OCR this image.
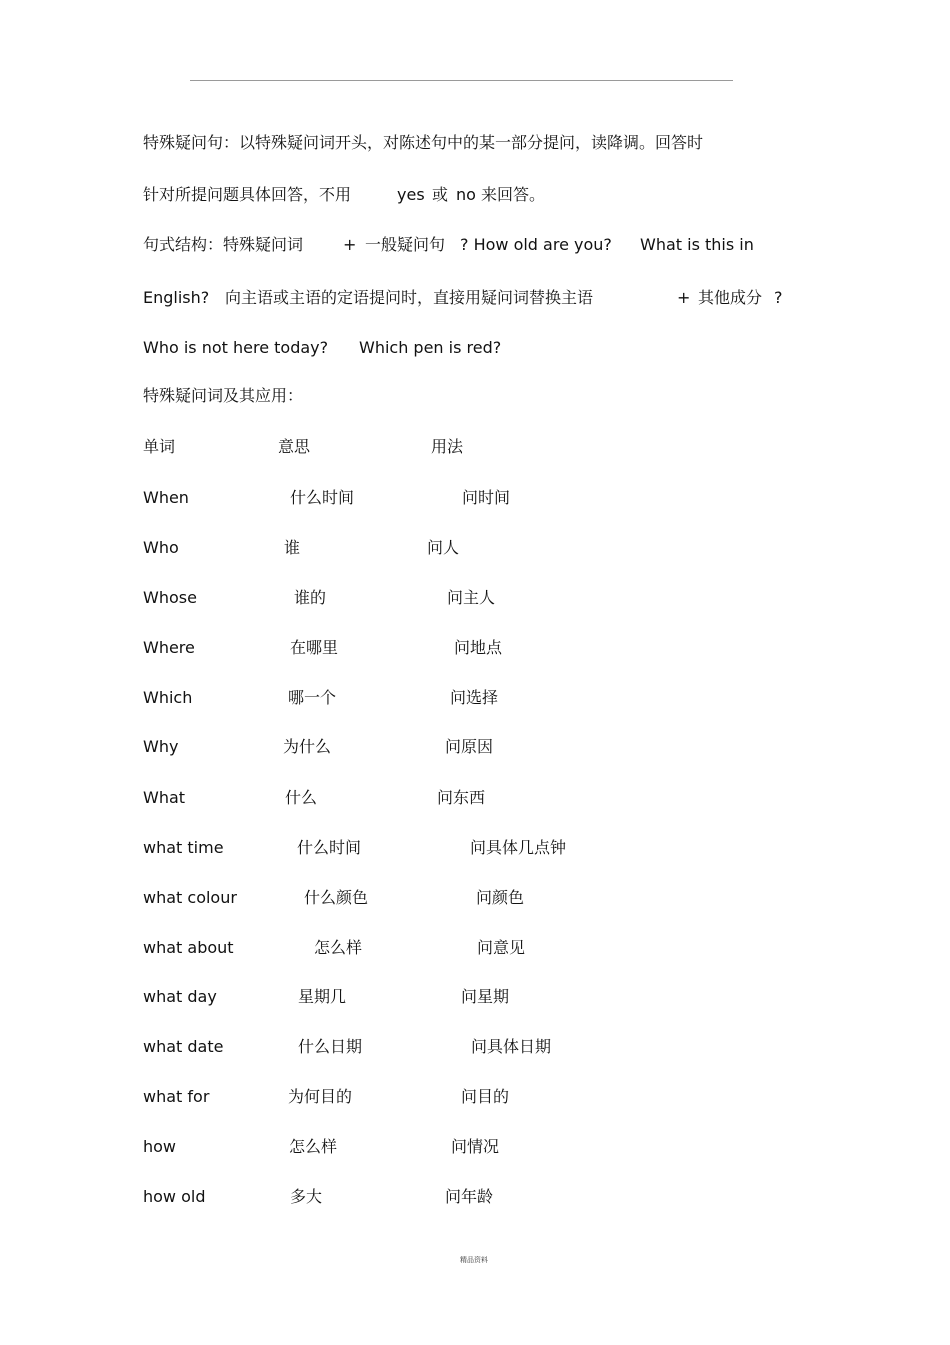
特殊疑问句：以特殊疑问词开头，对陈述句中的某一部分提问，读降调。回答时
针对所提问题具体回答，不用	yes 或 no 来回答。
句式结构：特殊疑问词 + 一般疑问句 ? How old are you? What is this in
English? 向主语或主语的定语提问时，直接用疑问词替换主语	+ 其他成分 ?
Who is not here today? Which pen is red?
特殊疑问词及其应用：
单词	意思	用法
When	什么时间	问时间
Who	谁	问人
Whose	谁的	问主人
Where	在哪里	问地点
Which	哪一个	问选择
Why	为什么	问原因
What	什么	问东西
what time	什么时间	问具体几点钟
what colour	什么颜色	问颜色
what about	怎么样	问意见
what day	星期几	问星期
what date	什么日期	问具体日期
what for	为何目的	问目的
how	怎么样	问情况
how old	多大	问年龄
精品资料
